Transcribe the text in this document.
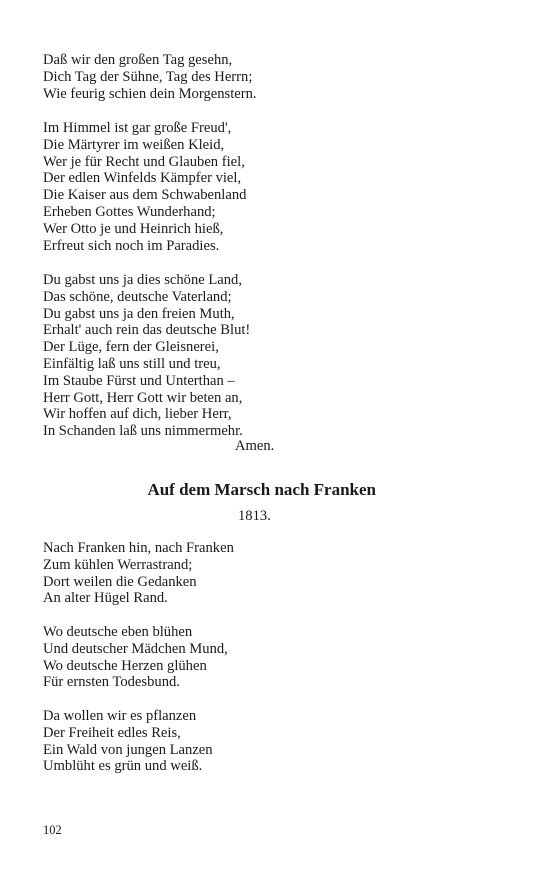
Daß wir den großen Tag gesehn,
Dich Tag der Sühne, Tag des Herrn;
Wie feurig schien dein Morgenstern.
Im Himmel ist gar große Freud',
Die Märtyrer im weißen Kleid,
Wer je für Recht und Glauben fiel,
Der edlen Winfelds Kämpfer viel,
Die Kaiser aus dem Schwabenland
Erheben Gottes Wunderhand;
Wer Otto je und Heinrich hieß,
Erfreut sich noch im Paradies.
Du gabst uns ja dies schöne Land,
Das schöne, deutsche Vaterland;
Du gabst uns ja den freien Muth,
Erhalt' auch rein das deutsche Blut!
Der Lüge, fern der Gleisnerei,
Einfältig laß uns still und treu,
Im Staube Fürst und Unterthan –
Herr Gott, Herr Gott wir beten an,
Wir hoffen auf dich, lieber Herr,
In Schanden laß uns nimmermehr.
Amen.
Auf dem Marsch nach Franken
1813.
Nach Franken hin, nach Franken
Zum kühlen Werrastrand;
Dort weilen die Gedanken
An alter Hügel Rand.
Wo deutsche eben blühen
Und deutscher Mädchen Mund,
Wo deutsche Herzen glühen
Für ernsten Todesbund.
Da wollen wir es pflanzen
Der Freiheit edles Reis,
Ein Wald von jungen Lanzen
Umblüht es grün und weiß.
102
